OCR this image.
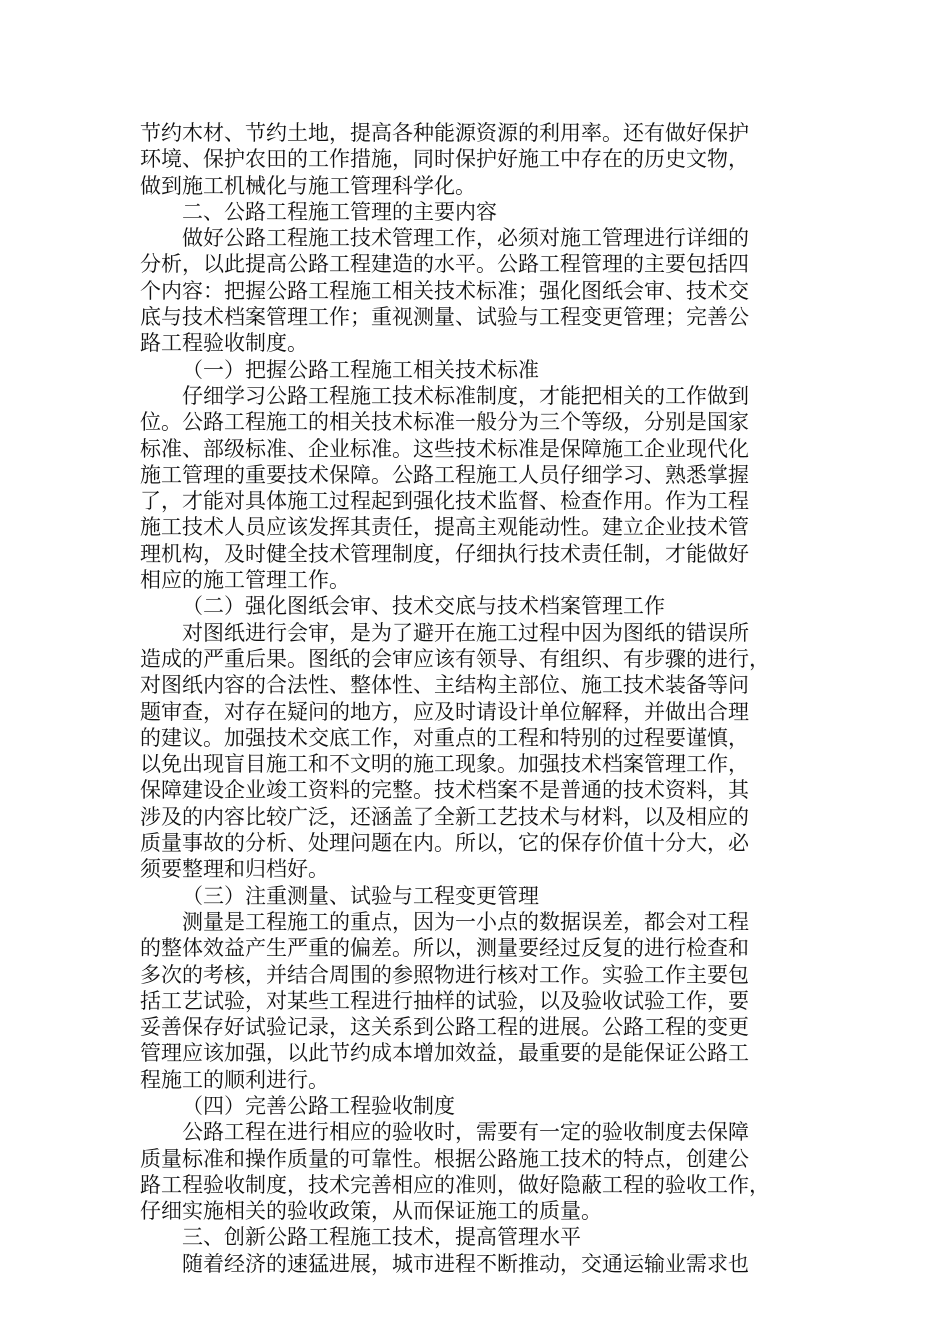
节约木材、节约土地，提高各种能源资源的利用率。还有做好保护
环境、保护农田的工作措施，同时保护好施工中存在的历史文物，
做到施工机械化与施工管理科学化。

二、公路工程施工管理的主要内容

做好公路工程施工技术管理工作，必须对施工管理进行详细的
分析，以此提高公路工程建造的水平。公路工程管理的主要包括四
个内容：把握公路工程施工相关技术标准；强化图纸会审、技术交
底与技术档案管理工作；重视测量、试验与工程变更管理；完善公
路工程验收制度。

（一）把握公路工程施工相关技术标准

仔细学习公路工程施工技术标准制度，才能把相关的工作做到
位。公路工程施工的相关技术标准一般分为三个等级，分别是国家
标准、部级标准、企业标准。这些技术标准是保障施工企业现代化
施工管理的重要技术保障。公路工程施工人员仔细学习、熟悉掌握
了，才能对具体施工过程起到强化技术监督、检查作用。作为工程
施工技术人员应该发挥其责任，提高主观能动性。建立企业技术管
理机构，及时健全技术管理制度，仔细执行技术责任制，才能做好
相应的施工管理工作。

（二）强化图纸会审、技术交底与技术档案管理工作

对图纸进行会审，是为了避开在施工过程中因为图纸的错误所
造成的严重后果。图纸的会审应该有领导、有组织、有步骤的进行，
对图纸内容的合法性、整体性、主结构主部位、施工技术装备等问
题审查，对存在疑问的地方，应及时请设计单位解释，并做出合理
的建议。加强技术交底工作，对重点的工程和特别的过程要谨慎，
以免出现盲目施工和不文明的施工现象。加强技术档案管理工作，
保障建设企业竣工资料的完整。技术档案不是普通的技术资料，其
涉及的内容比较广泛，还涵盖了全新工艺技术与材料，以及相应的
质量事故的分析、处理问题在内。所以，它的保存价值十分大，必
须要整理和归档好。

（三）注重测量、试验与工程变更管理

测量是工程施工的重点，因为一小点的数据误差，都会对工程
的整体效益产生严重的偏差。所以，测量要经过反复的进行检查和
多次的考核，并结合周围的参照物进行核对工作。实验工作主要包
括工艺试验，对某些工程进行抽样的试验，以及验收试验工作，要
妥善保存好试验记录，这关系到公路工程的进展。公路工程的变更
管理应该加强，以此节约成本增加效益，最重要的是能保证公路工
程施工的顺利进行。

（四）完善公路工程验收制度

公路工程在进行相应的验收时，需要有一定的验收制度去保障
质量标准和操作质量的可靠性。根据公路施工技术的特点，创建公
路工程验收制度，技术完善相应的准则，做好隐蔽工程的验收工作，
仔细实施相关的验收政策，从而保证施工的质量。

三、创新公路工程施工技术，提高管理水平

随着经济的速猛进展，城市进程不断推动，交通运输业需求也
